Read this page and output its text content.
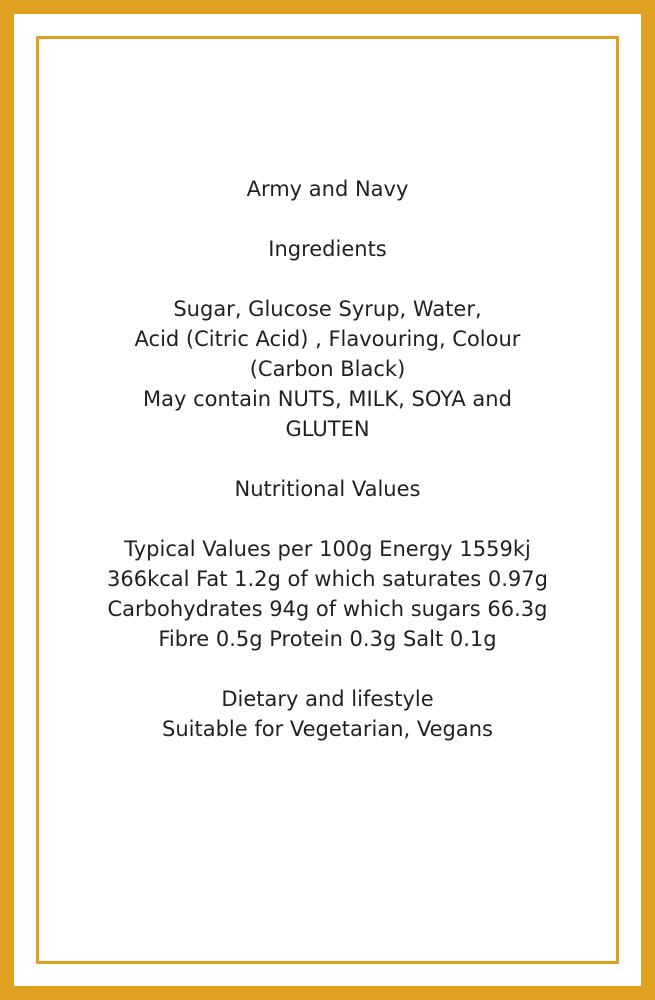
Army and Navy

Ingredients

Sugar, Glucose Syrup, Water,

Acid (Citric Acid) , Flavouring, Colour

(Carbon Black)

May contain NUTS, MILK, SOYA and

GLUTEN

Nutritional Values

Typical Values per 100g Energy 1559kj

366kcal Fat 1.2g of which saturates 0.97g

Carbohydrates 94g of which sugars 66.3g

Fibre 0.5g Protein 0.3g Salt 0.1g

Dietary and lifestyle

Suitable for Vegetarian, Vegans
